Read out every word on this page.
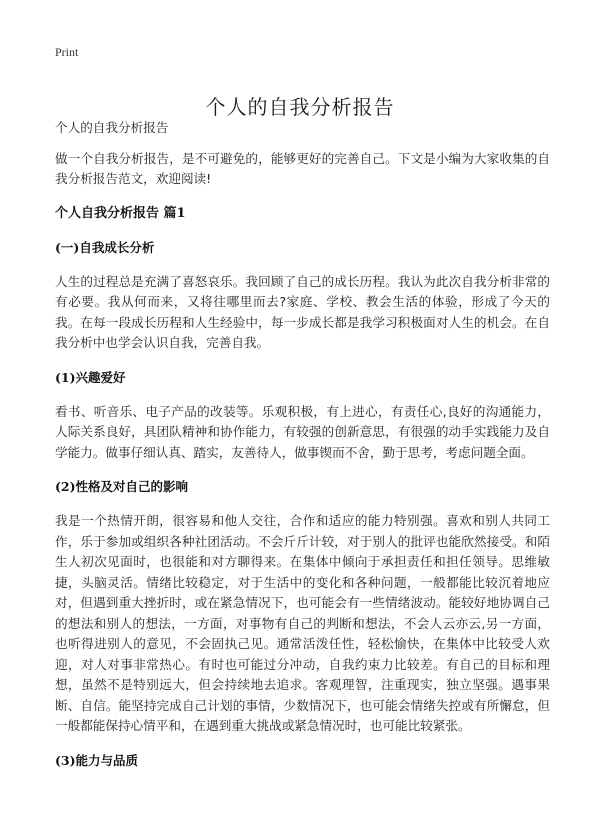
Print
个人的自我分析报告

个人的自我分析报告

做一个自我分析报告，是不可避免的，能够更好的完善自己。下文是小编为大家收集的自我分析报告范文，欢迎阅读!

个人自我分析报告 篇1
(一)自我成长分析

人生的过程总是充满了喜怒哀乐。我回顾了自己的成长历程。我认为此次自我分析非常的有必要。我从何而来，又将往哪里而去?家庭、学校、教会生活的体验，形成了今天的我。在每一段成长历程和人生经验中，每一步成长都是我学习积极面对人生的机会。在自我分析中也学会认识自我，完善自我。

(1)兴趣爱好

看书、听音乐、电子产品的改装等。乐观积极，有上进心，有责任心,良好的沟通能力，人际关系良好，具团队精神和协作能力，有较强的创新意思，有很强的动手实践能力及自学能力。做事仔细认真、踏实，友善待人，做事锲而不舍，勤于思考，考虑问题全面。

(2)性格及对自己的影响

我是一个热情开朗，很容易和他人交往，合作和适应的能力特别强。喜欢和别人共同工作，乐于参加或组织各种社团活动。不会斤斤计较，对于别人的批评也能欣然接受。和陌生人初次见面时，也很能和对方聊得来。在集体中倾向于承担责任和担任领导。思维敏捷，头脑灵活。情绪比较稳定，对于生活中的变化和各种问题，一般都能比较沉着地应对，但遇到重大挫折时，或在紧急情况下，也可能会有一些情绪波动。能较好地协调自己的想法和别人的想法，一方面，对事物有自己的判断和想法，不会人云亦云,另一方面，也听得进别人的意见，不会固执己见。通常活泼任性，轻松愉快，在集体中比较受人欢迎，对人对事非常热心。有时也可能过分冲动，自我约束力比较差。有自己的目标和理想，虽然不是特别远大，但会持续地去追求。客观理智，注重现实，独立坚强。遇事果断、自信。能坚持完成自己计划的事情，少数情况下，也可能会情绪失控或有所懈怠，但一般都能保持心情平和，在遇到重大挑战或紧急情况时，也可能比较紧张。

(3)能力与品质
